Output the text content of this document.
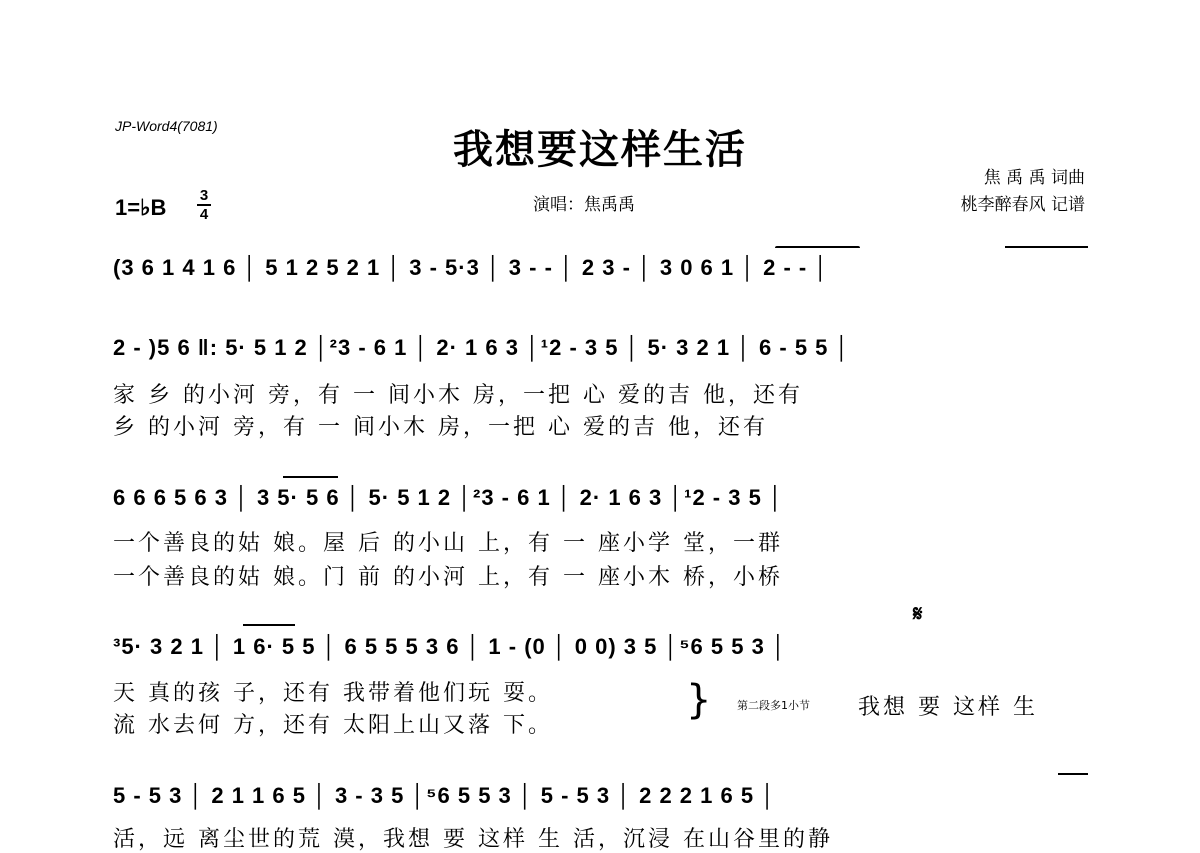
JP-Word4(7081)	我想要这样生活
焦 禹 禹 词曲
桃李醉春风 记谱
演唱：焦禹禹
1=♭B 3
4
(3 6 1 4 1 6 │ 5 1 2 5 2 1 │ 3 - 5·3 │ 3 - - │ 2 3 - │ 3 0 6 1 │ 2 - - │
2 - )5 6 ‖: 5· 5 1 2 │²3 - 6 1 │ 2· 1 6 3 │¹2 - 3 5 │ 5· 3 2 1 │ 6 - 5 5 │
家 乡 的小河 旁，有 一 间小木 房，一把 心 爱的吉 他，还有
乡 的小河 旁，有 一 间小木 房，一把 心 爱的吉 他，还有
6 6 6 5 6 3 │ 3 5· 5 6 │ 5· 5 1 2 │²3 - 6 1 │ 2· 1 6 3 │¹2 - 3 5 │
一个善良的姑 娘。屋 后 的小山 上，有 一 座小学 堂，一群
一个善良的姑 娘。门 前 的小河 上，有 一 座小木 桥，小桥
𝄋
³5· 3 2 1 │ 1 6· 5 5 │ 6 5 5 5 3 6 │ 1 - (0 │ 0 0) 3 5 │⁵6 5 5 3 │
天 真的孩 子，还有 我带着他们玩 耍。
流 水去何 方，还有 太阳上山又落 下。
} 第二段多1小节 我想 要 这样 生
5 - 5 3 │ 2 1 1 6 5 │ 3 - 3 5 │⁵6 5 5 3 │ 5 - 5 3 │ 2 2 2 1 6 5 │
活，远 离尘世的荒 漠，我想 要 这样 生 活，沉浸 在山谷里的静
